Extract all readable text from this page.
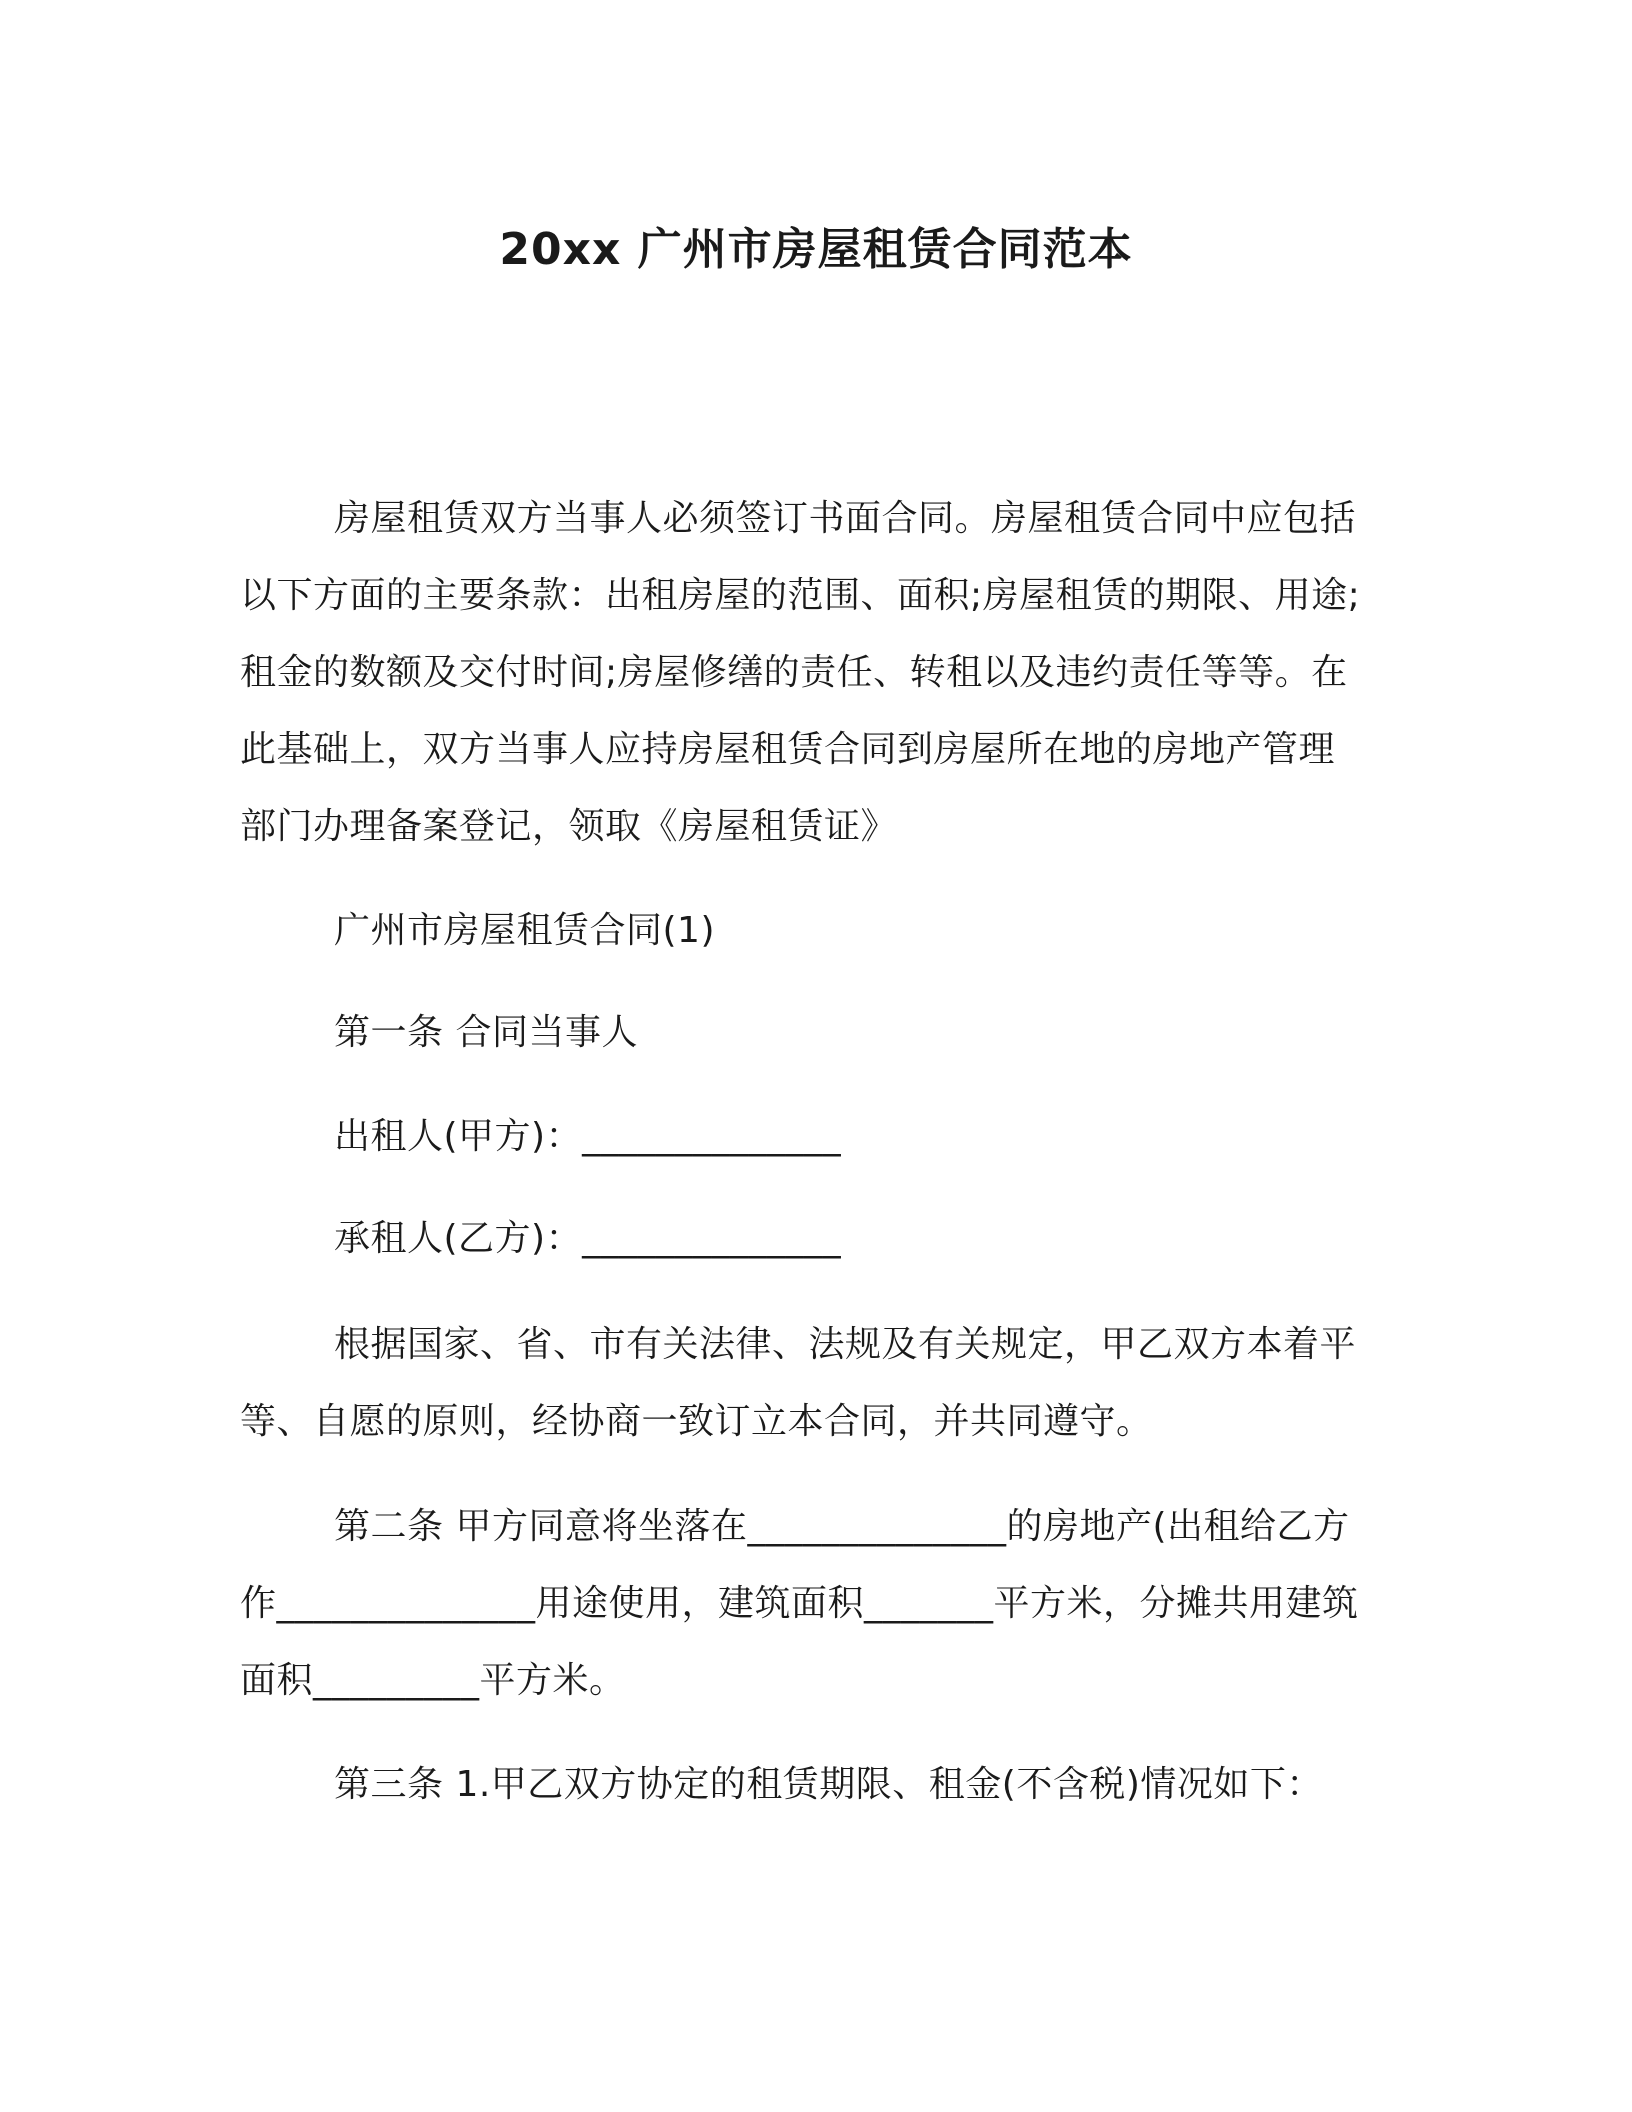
20xx 广州市房屋租赁合同范本
房屋租赁双方当事人必须签订书面合同。房屋租赁合同中应包括以下方面的主要条款：出租房屋的范围、面积;房屋租赁的期限、用途;租金的数额及交付时间;房屋修缮的责任、转租以及违约责任等等。在此基础上，双方当事人应持房屋租赁合同到房屋所在地的房地产管理部门办理备案登记，领取《房屋租赁证》
广州市房屋租赁合同(1)
第一条 合同当事人
出租人(甲方)：______________
承租人(乙方)：______________
根据国家、省、市有关法律、法规及有关规定，甲乙双方本着平等、自愿的原则，经协商一致订立本合同，并共同遵守。
第二条 甲方同意将坐落在______________的房地产(出租给乙方作______________用途使用，建筑面积_______平方米，分摊共用建筑面积_________平方米。
第三条 1.甲乙双方协定的租赁期限、租金(不含税)情况如下：
